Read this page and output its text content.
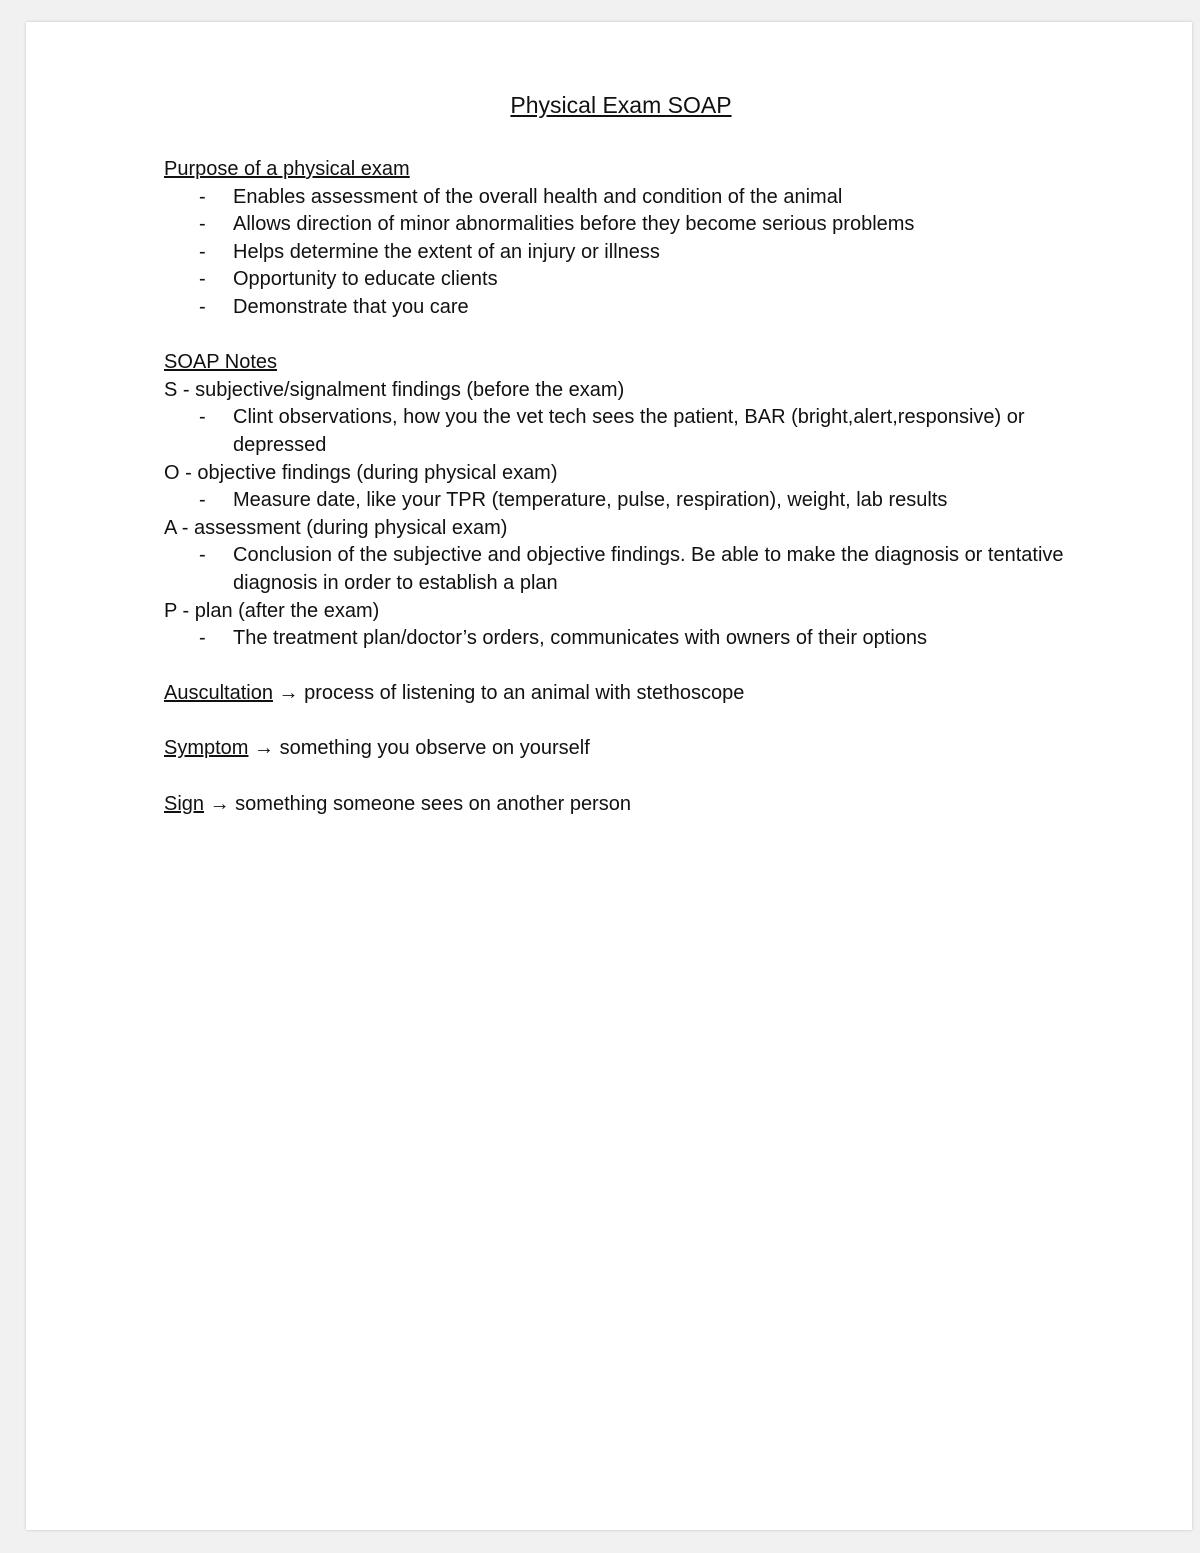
Physical Exam SOAP
Purpose of a physical exam
- Enables assessment of the overall health and condition of the animal
- Allows direction of minor abnormalities before they become serious problems
- Helps determine the extent of an injury or illness
- Opportunity to educate clients
- Demonstrate that you care
SOAP Notes
S - subjective/signalment findings (before the exam)
- Clint observations, how you the vet tech sees the patient, BAR (bright,alert,responsive) or depressed
O - objective findings (during physical exam)
- Measure date, like your TPR (temperature, pulse, respiration), weight, lab results
A - assessment (during physical exam)
- Conclusion of the subjective and objective findings. Be able to make the diagnosis or tentative diagnosis in order to establish a plan
P - plan (after the exam)
- The treatment plan/doctor’s orders, communicates with owners of their options
Auscultation → process of listening to an animal with stethoscope
Symptom → something you observe on yourself
Sign → something someone sees on another person
